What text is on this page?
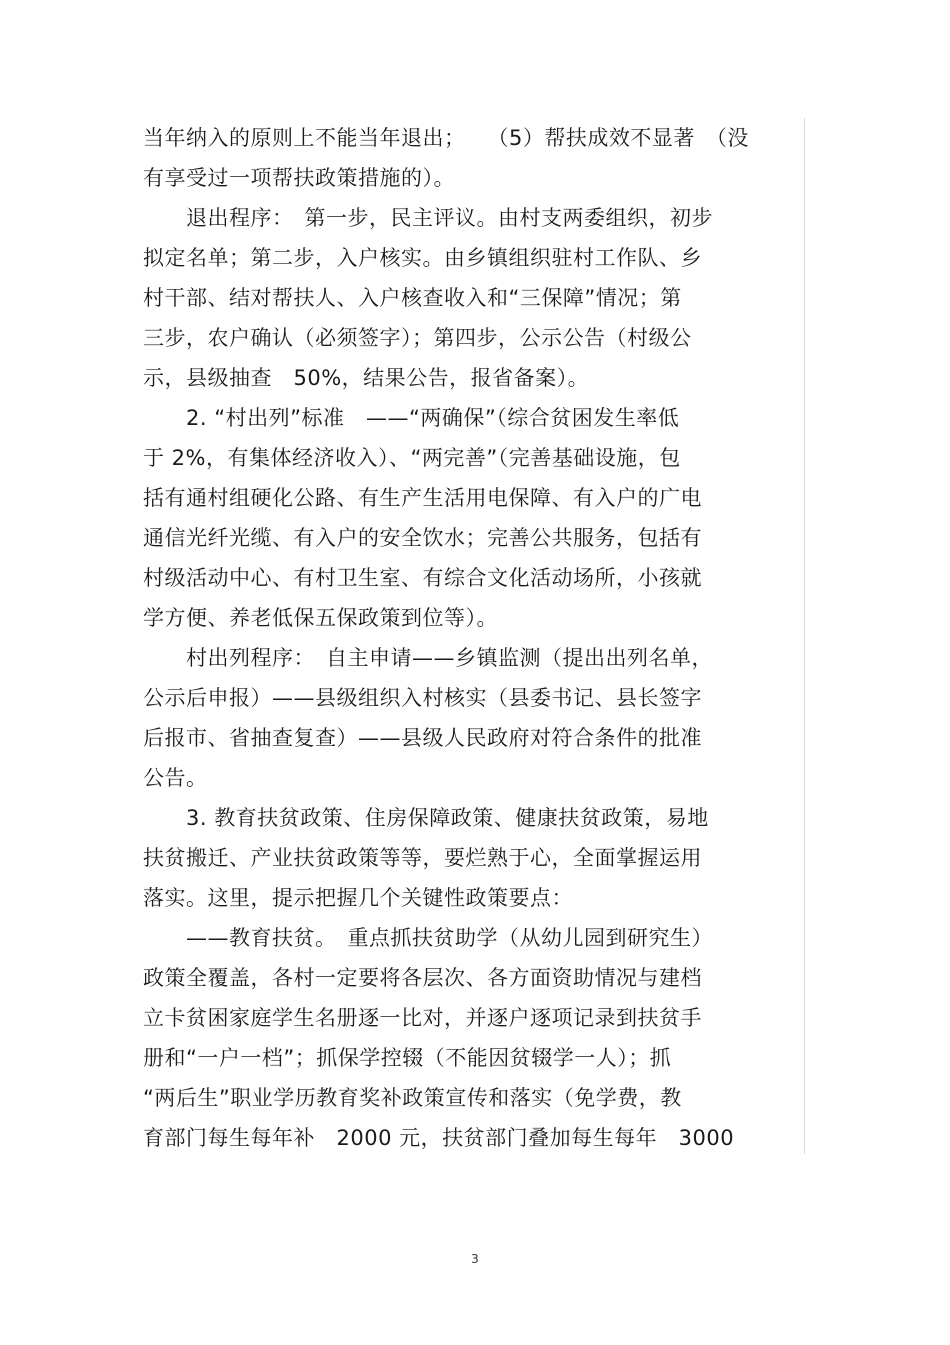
当年纳入的原则上不能当年退出；　　（5）帮扶成效不显著　（没
有享受过一项帮扶政策措施的）。
　　退出程序：　第一步，民主评议。由村支两委组织，初步
拟定名单；第二步，入户核实。由乡镇组织驻村工作队、乡
村干部、结对帮扶人、入户核查收入和“三保障”情况；第
三步，农户确认（必须签字）；第四步，公示公告（村级公
示，县级抽查　50%，结果公告，报省备案）。
　　2. “村出列”标准　——“两确保”（综合贫困发生率低
于 2%，有集体经济收入）、“两完善”（完善基础设施，包
括有通村组硬化公路、有生产生活用电保障、有入户的广电
通信光纤光缆、有入户的安全饮水；完善公共服务，包括有
村级活动中心、有村卫生室、有综合文化活动场所，小孩就
学方便、养老低保五保政策到位等）。
　　村出列程序：　自主申请——乡镇监测（提出出列名单，
公示后申报）——县级组织入村核实（县委书记、县长签字
后报市、省抽查复查）——县级人民政府对符合条件的批准
公告。
　　3. 教育扶贫政策、住房保障政策、健康扶贫政策，易地
扶贫搬迁、产业扶贫政策等等，要烂熟于心，全面掌握运用
落实。这里，提示把握几个关键性政策要点：
　　——教育扶贫。　重点抓扶贫助学（从幼儿园到研究生）
政策全覆盖，各村一定要将各层次、各方面资助情况与建档
立卡贫困家庭学生名册逐一比对，并逐户逐项记录到扶贫手
册和“一户一档”；抓保学控辍（不能因贫辍学一人）；抓
“两后生”职业学历教育奖补政策宣传和落实（免学费，教
育部门每生每年补　2000 元，扶贫部门叠加每生每年　3000
3
